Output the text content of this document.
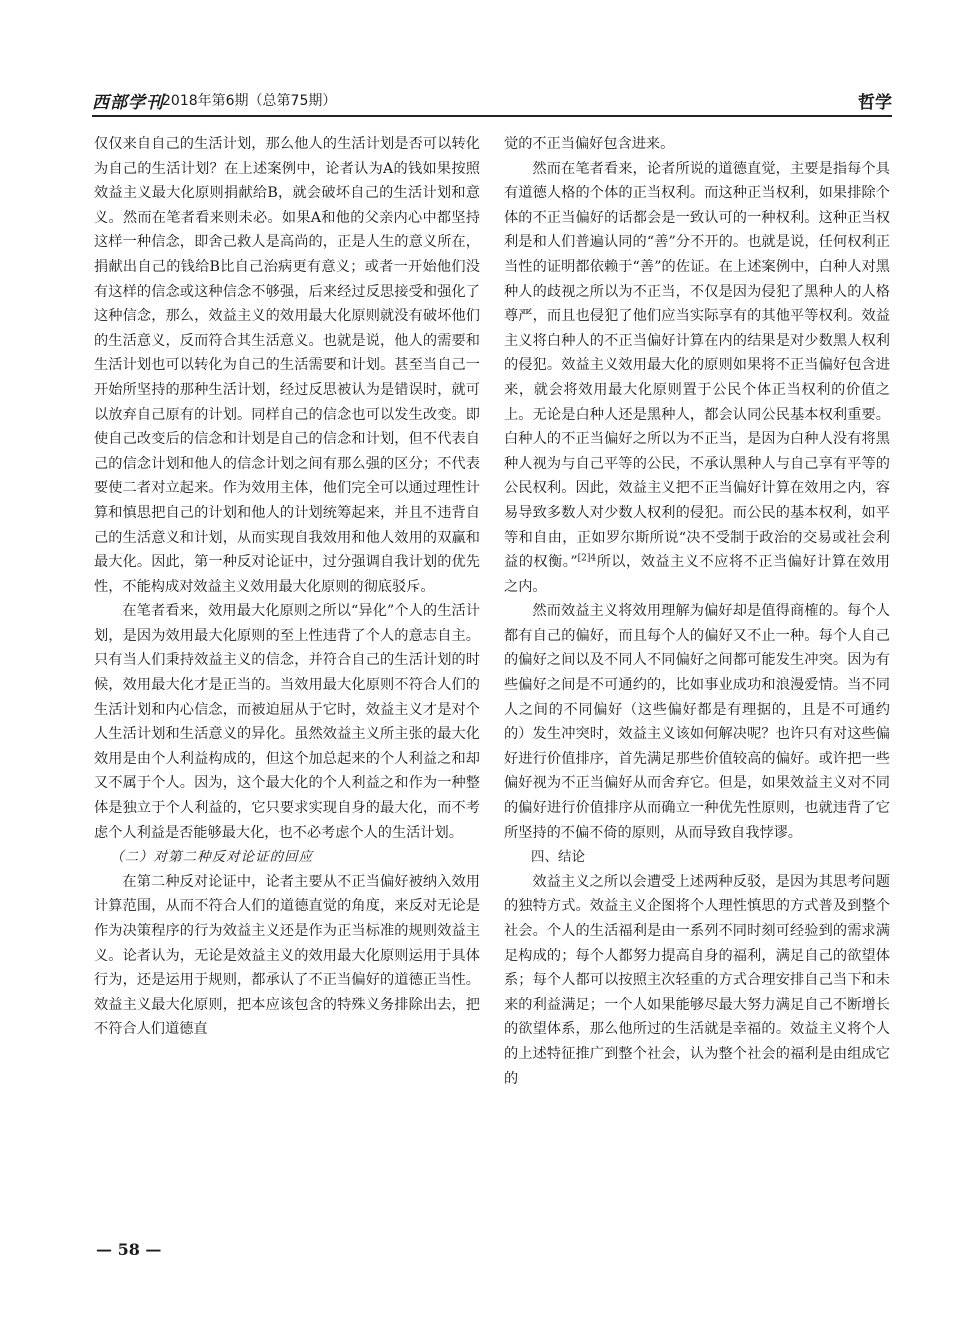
西部学刊
2018年第6期（总第75期）	哲学

仅仅来自自己的生活计划，那么他人的生活计划是否可以转化为自己的生活计划？在上述案例中，论者认为A的钱如果按照效益主义最大化原则捐献给B，就会破坏自己的生活计划和意义。然而在笔者看来则未必。如果A和他的父亲内心中都坚持这样一种信念，即舍己救人是高尚的，正是人生的意义所在，捐献出自己的钱给B比自己治病更有意义；或者一开始他们没有这样的信念或这种信念不够强，后来经过反思接受和强化了这种信念，那么，效益主义的效用最大化原则就没有破坏他们的生活意义，反而符合其生活意义。也就是说，他人的需要和生活计划也可以转化为自己的生活需要和计划。甚至当自己一开始所坚持的那种生活计划，经过反思被认为是错误时，就可以放弃自己原有的计划。同样自己的信念也可以发生改变。即使自己改变后的信念和计划是自己的信念和计划，但不代表自己的信念计划和他人的信念计划之间有那么强的区分；不代表要使二者对立起来。作为效用主体，他们完全可以通过理性计算和慎思把自己的计划和他人的计划统筹起来，并且不违背自己的生活意义和计划，从而实现自我效用和他人效用的双赢和最大化。因此，第一种反对论证中，过分强调自我计划的优先性，不能构成对效益主义效用最大化原则的彻底驳斥。

在笔者看来，效用最大化原则之所以“异化”个人的生活计划，是因为效用最大化原则的至上性违背了个人的意志自主。只有当人们秉持效益主义的信念，并符合自己的生活计划的时候，效用最大化才是正当的。当效用最大化原则不符合人们的生活计划和内心信念，而被迫屈从于它时，效益主义才是对个人生活计划和生活意义的异化。虽然效益主义所主张的最大化效用是由个人利益构成的，但这个加总起来的个人利益之和却又不属于个人。因为，这个最大化的个人利益之和作为一种整体是独立于个人利益的，它只要求实现自身的最大化，而不考虑个人利益是否能够最大化，也不必考虑个人的生活计划。

（二）对第二种反对论证的回应

在第二种反对论证中，论者主要从不正当偏好被纳入效用计算范围，从而不符合人们的道德直觉的角度，来反对无论是作为决策程序的行为效益主义还是作为正当标准的规则效益主义。论者认为，无论是效益主义的效用最大化原则运用于具体行为，还是运用于规则，都承认了不正当偏好的道德正当性。效益主义最大化原则，把本应该包含的特殊义务排除出去，把不符合人们道德直

觉的不正当偏好包含进来。

然而在笔者看来，论者所说的道德直觉，主要是指每个具有道德人格的个体的正当权利。而这种正当权利，如果排除个体的不正当偏好的话都会是一致认可的一种权利。这种正当权利是和人们普遍认同的“善”分不开的。也就是说，任何权利正当性的证明都依赖于“善”的佐证。在上述案例中，白种人对黑种人的歧视之所以为不正当，不仅是因为侵犯了黑种人的人格尊严，而且也侵犯了他们应当实际享有的其他平等权利。效益主义将白种人的不正当偏好计算在内的结果是对少数黑人权利的侵犯。效益主义效用最大化的原则如果将不正当偏好包含进来，就会将效用最大化原则置于公民个体正当权利的价值之上。无论是白种人还是黑种人，都会认同公民基本权利重要。白种人的不正当偏好之所以为不正当，是因为白种人没有将黑种人视为与自己平等的公民，不承认黑种人与自己享有平等的公民权利。因此，效益主义把不正当偏好计算在效用之内，容易导致多数人对少数人权利的侵犯。而公民的基本权利，如平等和自由，正如罗尔斯所说“决不受制于政治的交易或社会利益的权衡。”$^{[2]4}$所以，效益主义不应将不正当偏好计算在效用之内。

然而效益主义将效用理解为偏好却是值得商榷的。每个人都有自己的偏好，而且每个人的偏好又不止一种。每个人自己的偏好之间以及不同人不同偏好之间都可能发生冲突。因为有些偏好之间是不可通约的，比如事业成功和浪漫爱情。当不同人之间的不同偏好（这些偏好都是有理据的，且是不可通约的）发生冲突时，效益主义该如何解决呢？也许只有对这些偏好进行价值排序，首先满足那些价值较高的偏好。或许把一些偏好视为不正当偏好从而舍弃它。但是，如果效益主义对不同的偏好进行价值排序从而确立一种优先性原则，也就违背了它所坚持的不偏不倚的原则，从而导致自我悖谬。

四、结论

效益主义之所以会遭受上述两种反驳，是因为其思考问题的独特方式。效益主义企图将个人理性慎思的方式普及到整个社会。个人的生活福利是由一系列不同时刻可经验到的需求满足构成的；每个人都努力提高自身的福利，满足自己的欲望体系；每个人都可以按照主次轻重的方式合理安排自己当下和未来的利益满足；一个人如果能够尽最大努力满足自己不断增长的欲望体系，那么他所过的生活就是幸福的。效益主义将个人的上述特征推广到整个社会，认为整个社会的福利是由组成它的

— 58 —
